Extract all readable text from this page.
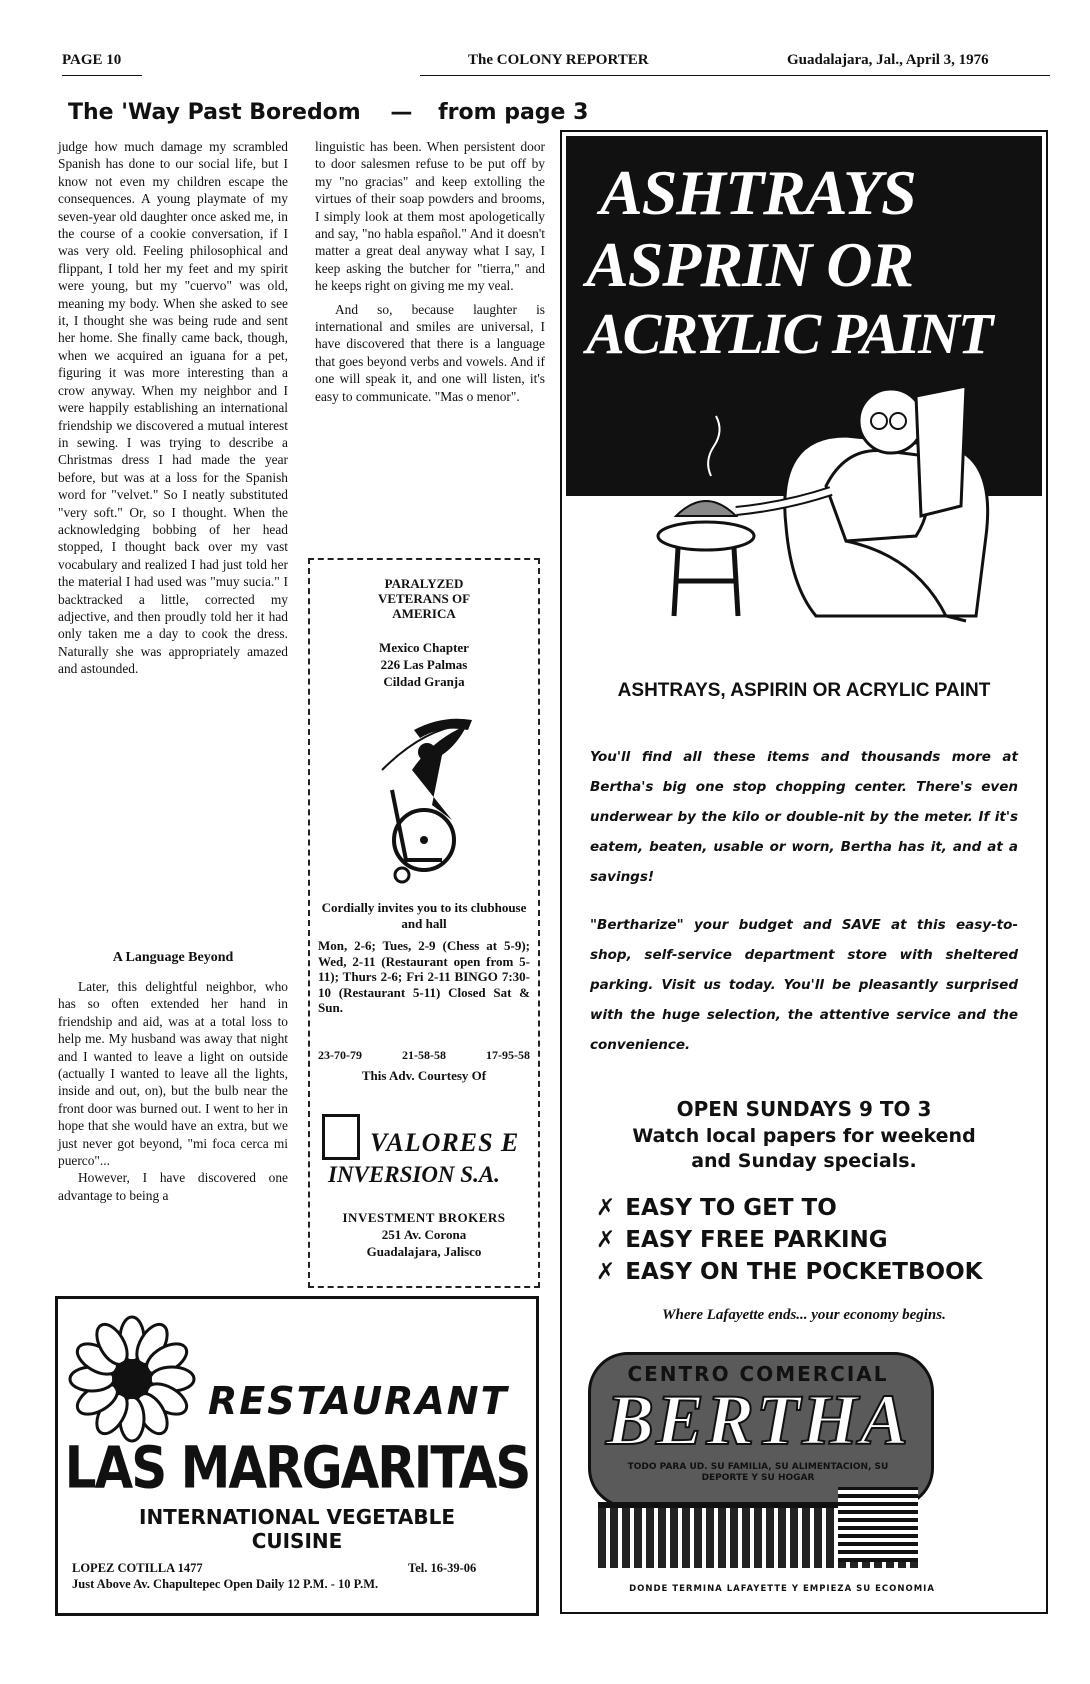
PAGE 10	The COLONY REPORTER	Guadalajara, Jal., April 3, 1976
The 'Way Past Boredom — from page 3

judge how much damage my scrambled Spanish has done to our social life, but I know not even my children escape the consequences. A young playmate of my seven-year old daughter once asked me, in the course of a cookie conversation, if I was very old. Feeling philosophical and flippant, I told her my feet and my spirit were young, but my "cuervo" was old, meaning my body. When she asked to see it, I thought she was being rude and sent her home. She finally came back, though, when we acquired an iguana for a pet, figuring it was more interesting than a crow anyway. When my neighbor and I were happily establishing an international friendship we discovered a mutual interest in sewing. I was trying to describe a Christmas dress I had made the year before, but was at a loss for the Spanish word for "velvet." So I neatly substituted "very soft." Or, so I thought. When the acknowledging bobbing of her head stopped, I thought back over my vast vocabulary and realized I had just told her the material I had used was "muy sucia." I backtracked a little, corrected my adjective, and then proudly told her it had only taken me a day to cook the dress. Naturally she was appropriately amazed and astounded.

A Language Beyond

Later, this delightful neighbor, who has so often extended her hand in friendship and aid, was at a total loss to help me. My husband was away that night and I wanted to leave a light on outside (actually I wanted to leave all the lights, inside and out, on), but the bulb near the front door was burned out. I went to her in hope that she would have an extra, but we just never got beyond, "mi foca cerca mi puerco"...

However, I have discovered one advantage to being a

linguistic has been. When persistent door to door salesmen refuse to be put off by my "no gracias" and keep extolling the virtues of their soap powders and brooms, I simply look at them most apologetically and say, "no habla español." And it doesn't matter a great deal anyway what I say, I keep asking the butcher for "tierra," and he keeps right on giving me my veal.

And so, because laughter is international and smiles are universal, I have discovered that there is a language that goes beyond verbs and vowels. And if one will speak it, and one will listen, it's easy to communicate. "Mas o menor".

PARALYZED VETERANS OF AMERICA
Mexico Chapter
226 Las Palmas
Cildad Granja
Cordially invites you to its clubhouse and hall
Mon, 2-6; Tues, 2-9 (Chess at 5-9); Wed, 2-11 (Restaurant open from 5-11); Thurs 2-6; Fri 2-11 BINGO 7:30-10 (Restaurant 5-11) Closed Sat & Sun.
23-70-79	21-58-58	17-95-58
This Adv. Courtesy Of
VALORES E
INVERSION S.A.
INVESTMENT BROKERS
251 Av. Corona
Guadalajara, Jalisco
ASHTRAYS
ASPRIN OR
ACRYLIC PAINT
ASHTRAYS, ASPIRIN OR ACRYLIC PAINT
You'll find all these items and thousands more at Bertha's big one stop chopping center. There's even underwear by the kilo or double-nit by the meter. If it's eatem, beaten, usable or worn, Bertha has it, and at a savings!
"Bertharize" your budget and SAVE at this easy-to-shop, self-service department store with sheltered parking. Visit us today. You'll be pleasantly surprised with the huge selection, the attentive service and the convenience.
OPEN SUNDAYS 9 TO 3
Watch local papers for weekend and Sunday specials.
✗ EASY TO GET TO
✗ EASY FREE PARKING
✗ EASY ON THE POCKETBOOK
Where Lafayette ends... your economy begins.
CENTRO COMERCIAL
BERTHA
TODO PARA UD. SU FAMILIA, SU ALIMENTACION, SU DEPORTE Y SU HOGAR
DONDE TERMINA LAFAYETTE Y EMPIEZA SU ECONOMIA
RESTAURANT
LAS MARGARITAS
INTERNATIONAL VEGETABLE
CUISINE
LOPEZ COTILLA 1477	Tel. 16-39-06
Just Above Av. Chapultepec Open Daily 12 P.M. - 10 P.M.
